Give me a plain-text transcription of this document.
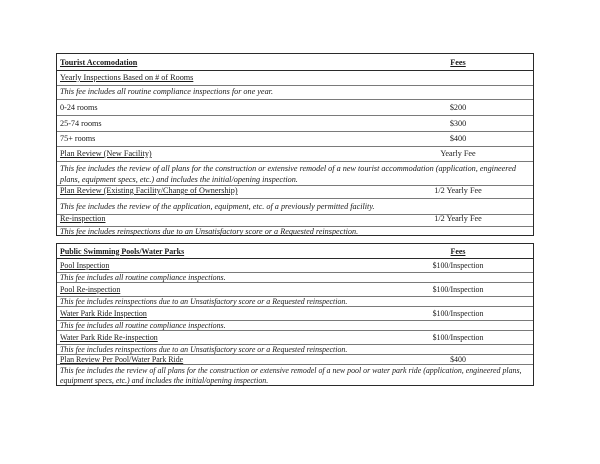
Tourist Accomodation	Fees
Yearly Inspections Based on # of Rooms
This fee includes all routine compliance inspections for one year.
0-24 rooms	$200
25-74 rooms	$300
75+ rooms	$400
Plan Review (New Facility)	Yearly Fee
This fee includes the review of all plans for the construction or extensive remodel of a new tourist accommodation (application, engineered plans, equipment specs, etc.) and includes the initial/opening inspection.
Plan Review (Existing Facility/Change of Ownership)	1/2 Yearly Fee
This fee includes the review of the application, equipment, etc. of a previously permitted facility.
Re-inspection	1/2 Yearly Fee
This fee includes reinspections due to an Unsatisfactory score or a Requested reinspection.
Public Swimming Pools/Water Parks	Fees
Pool Inspection	$100/Inspection
This fee includes all routine compliance inspections.
Pool Re-inspection	$100/Inspection
This fee includes reinspections due to an Unsatisfactory score or a Requested reinspection.
Water Park Ride Inspection	$100/Inspection
This fee includes all routine compliance inspections.
Water Park Ride Re-inspection	$100/Inspection
This fee includes reinspections due to an Unsatisfactory score or a Requested reinspection.
Plan Review Per Pool/Water Park Ride	$400
This fee includes the review of all plans for the construction or extensive remodel of a new pool or water park ride (application, engineered plans, equipment specs, etc.) and includes the initial/opening inspection.
